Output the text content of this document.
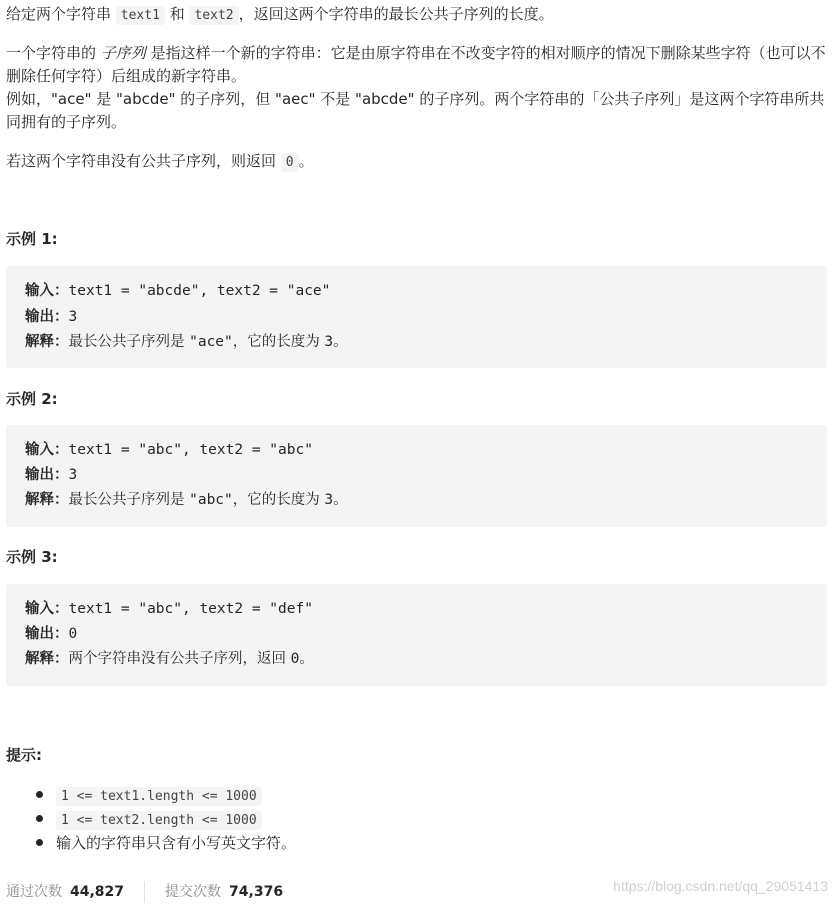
给定两个字符串 text1 和 text2 ，返回这两个字符串的最长公共子序列的长度。

一个字符串的 子序列 是指这样一个新的字符串：它是由原字符串在不改变字符的相对顺序的情况下删除某些字符（也可以不删除任何字符）后组成的新字符串。

例如，"ace" 是 "abcde" 的子序列，但 "aec" 不是 "abcde" 的子序列。两个字符串的「公共子序列」是这两个字符串所共同拥有的子序列。

若这两个字符串没有公共子序列，则返回 0 。

示例 1:
输入：text1 = "abcde", text2 = "ace"
输出：3
解释：最长公共子序列是 "ace"，它的长度为 3。
示例 2:
输入：text1 = "abc", text2 = "abc"
输出：3
解释：最长公共子序列是 "abc"，它的长度为 3。
示例 3:
输入：text1 = "abc", text2 = "def"
输出：0
解释：两个字符串没有公共子序列，返回 0。
提示:
1 <= text1.length <= 1000
1 <= text2.length <= 1000
输入的字符串只含有小写英文字符。
通过次数 44,827	提交次数 74,376	https://blog.csdn.net/qq_29051413
